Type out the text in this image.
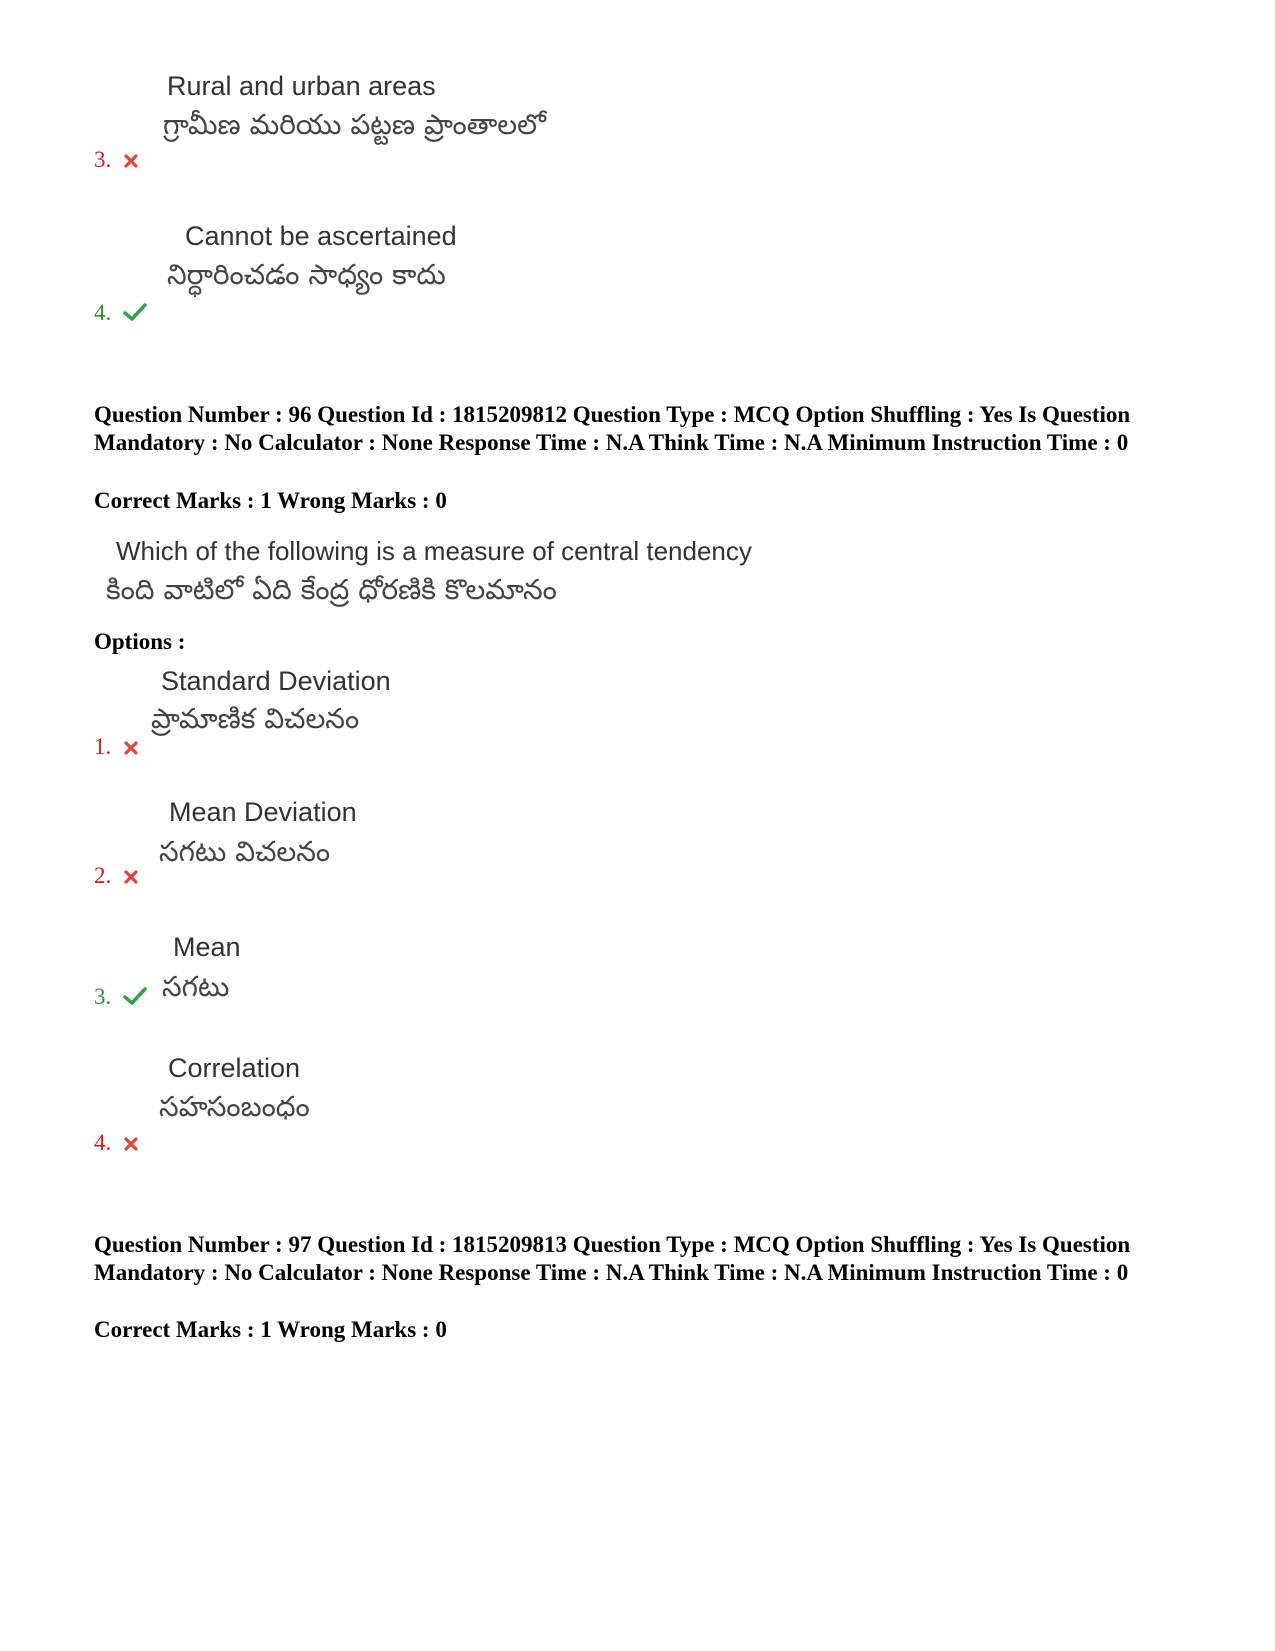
Rural and urban areas
గ్రామీణ మరియు పట్టణ ప్రాంతాలలో
3.
Cannot be ascertained
నిర్ధారించడం సాధ్యం కాదు
4.
Question Number : 96 Question Id : 1815209812 Question Type : MCQ Option Shuffling : Yes Is Question Mandatory : No Calculator : None Response Time : N.A Think Time : N.A Minimum Instruction Time : 0
Correct Marks : 1 Wrong Marks : 0
Which of the following is a measure of central tendency
కింది వాటిలో ఏది కేంద్ర ధోరణికి కొలమానం
Options :
Standard Deviation
ప్రామాణిక విచలనం
1.
Mean Deviation
సగటు విచలనం
2.
Mean
సగటు
3.
Correlation
సహసంబంధం
4.
Question Number : 97 Question Id : 1815209813 Question Type : MCQ Option Shuffling : Yes Is Question Mandatory : No Calculator : None Response Time : N.A Think Time : N.A Minimum Instruction Time : 0
Correct Marks : 1 Wrong Marks : 0
